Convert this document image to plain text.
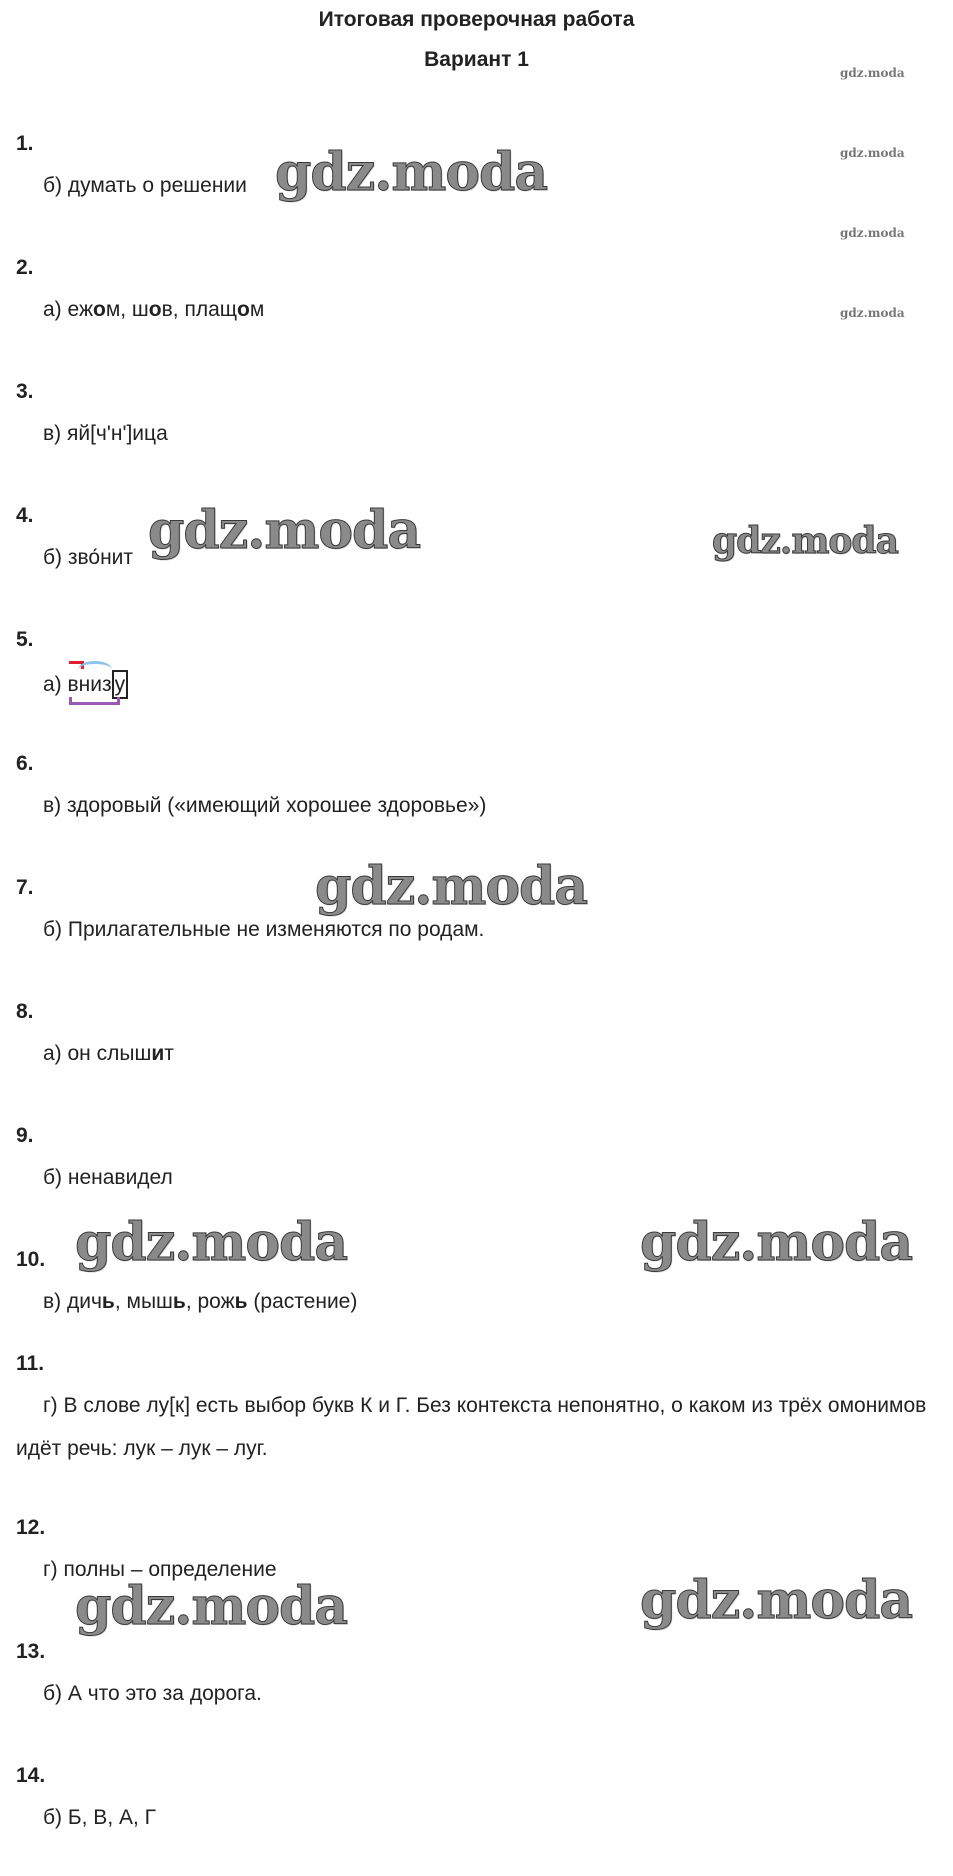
Итоговая проверочная работа
Вариант 1
gdz.moda
gdz.moda
gdz.moda
gdz.moda
1.
б) думать о решении
2.
а) ежом, шов, плащом
3.
в) яй[ч'н']ица
4.
б) зво́нит
5.
а)
вниз у
6.
в) здоровый («имеющий хорошее здоровье»)
7.
б) Прилагательные не изменяются по родам.
8.
а) он слышит
9.
б) ненавидел
10.
в) дичь, мышь, рожь (растение)
11.
г) В слове лу[к] есть выбор букв К и Г. Без контекста непонятно, о каком из трёх омонимов идёт речь: лук – лук – луг.
12.
г) полны – определение
13.
б) А что это за дорога.
14.
б) Б, В, А, Г
gdz.moda
gdz.moda	gdz.moda
gdz.moda
gdz.moda	gdz.moda
gdz.moda	gdz.moda
